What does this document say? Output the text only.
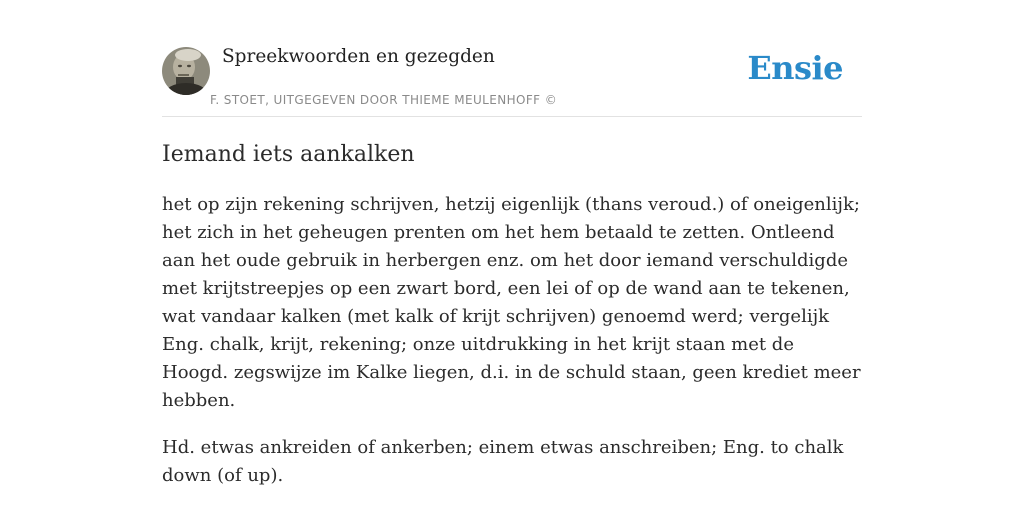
Spreekwoorden en gezegden
F. STOET, UITGEGEVEN DOOR THIEME MEULENHOFF ©
Ensie
Iemand iets aankalken

het op zijn rekening schrijven, hetzij eigenlijk (thans veroud.) of oneigenlijk; het zich in het geheugen prenten om het hem betaald te zetten. Ontleend aan het oude gebruik in herbergen enz. om het door iemand verschuldigde met krijtstreepjes op een zwart bord, een lei of op de wand aan te tekenen, wat vandaar kalken (met kalk of krijt schrijven) genoemd werd; vergelijk Eng. chalk, krijt, rekening; onze uitdrukking in het krijt staan met de Hoogd. zegswijze im Kalke liegen, d.i. in de schuld staan, geen krediet meer hebben.

Hd. etwas ankreiden of ankerben; einem etwas anschreiben; Eng. to chalk down (of up).
